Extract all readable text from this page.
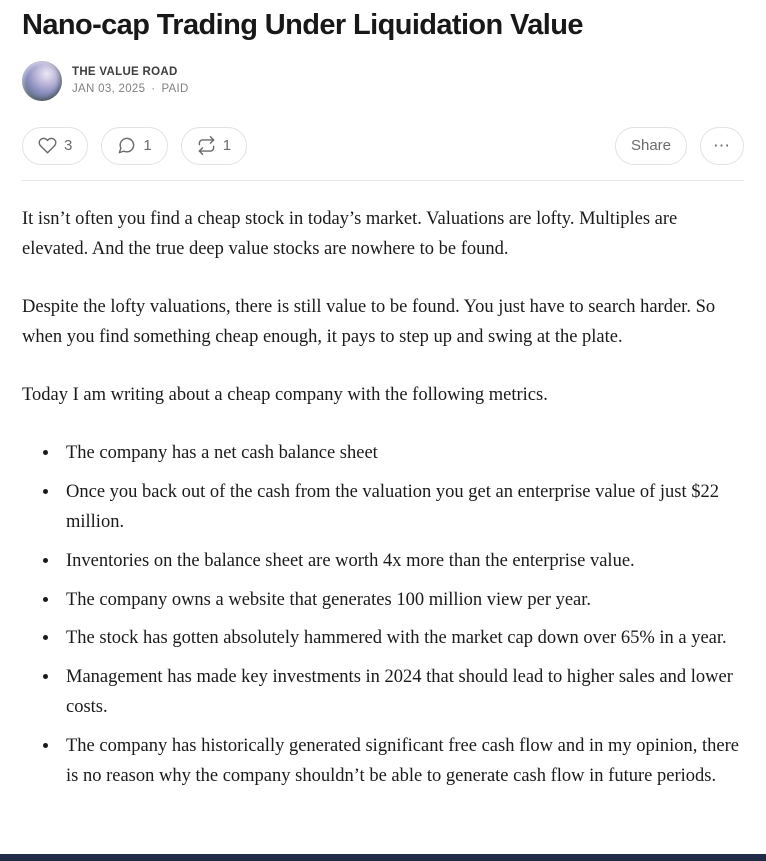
Nano-cap Trading Under Liquidation Value
THE VALUE ROAD
JAN 03, 2025 · PAID
3	1	1	Share ⋯

It isn’t often you find a cheap stock in today’s market. Valuations are lofty. Multiples are elevated. And the true deep value stocks are nowhere to be found.

Despite the lofty valuations, there is still value to be found. You just have to search harder. So when you find something cheap enough, it pays to step up and swing at the plate.

Today I am writing about a cheap company with the following metrics.

• The company has a net cash balance sheet
• Once you back out of the cash from the valuation you get an enterprise value of just $22 million.
• Inventories on the balance sheet are worth 4x more than the enterprise value.
• The company owns a website that generates 100 million view per year.
• The stock has gotten absolutely hammered with the market cap down over 65% in a year.
• Management has made key investments in 2024 that should lead to higher sales and lower costs.
• The company has historically generated significant free cash flow and in my opinion, there is no reason why the company shouldn’t be able to generate cash flow in future periods.
